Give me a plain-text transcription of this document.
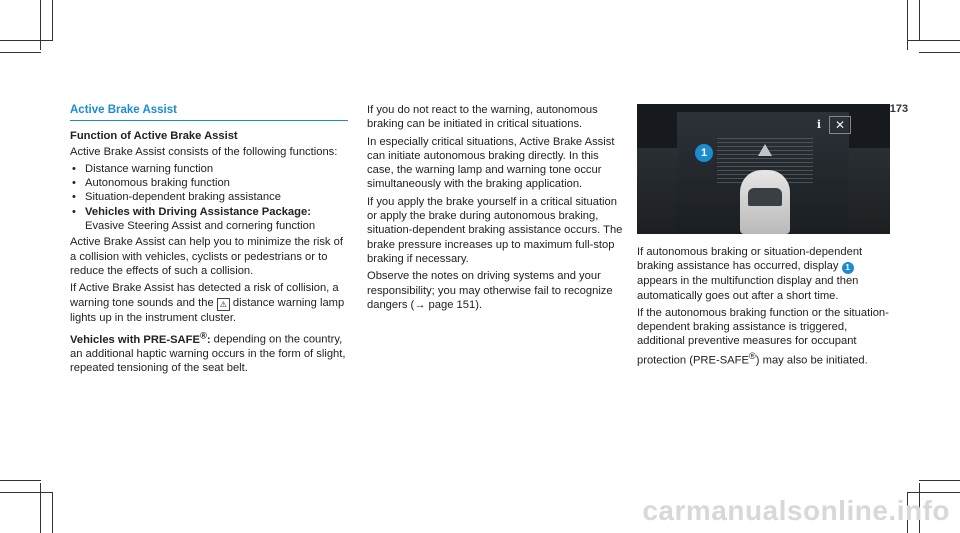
173
Active Brake Assist
Function of Active Brake Assist

Active Brake Assist consists of the following functions:

• Distance warning function
• Autonomous braking function
• Situation-dependent braking assistance
• Vehicles with Driving Assistance Package: Evasive Steering Assist and cornering function

Active Brake Assist can help you to minimize the risk of a collision with vehicles, cyclists or pedestrians or to reduce the effects of such a collision.

If Active Brake Assist has detected a risk of collision, a warning tone sounds and the ⚠ distance warning lamp lights up in the instrument cluster.

Vehicles with PRE-SAFE®: depending on the country, an additional haptic warning occurs in the form of slight, repeated tensioning of the seat belt.

If you do not react to the warning, autonomous braking can be initiated in critical situations.

In especially critical situations, Active Brake Assist can initiate autonomous braking directly. In this case, the warning lamp and warning tone occur simultaneously with the braking application.

If you apply the brake yourself in a critical situation or apply the brake during autonomous braking, situation-dependent braking assistance occurs. The brake pressure increases up to maximum full-stop braking if necessary.

Observe the notes on driving systems and your responsibility; you may otherwise fail to recognize dangers (→ page 151).

i	✕
1

If autonomous braking or situation-dependent braking assistance has occurred, display 1 appears in the multifunction display and then automatically goes out after a short time.

If the autonomous braking function or the situation-dependent braking assistance is triggered, additional preventive measures for occupant protection (PRE-SAFE®) may also be initiated.

carmanualsonline.info
